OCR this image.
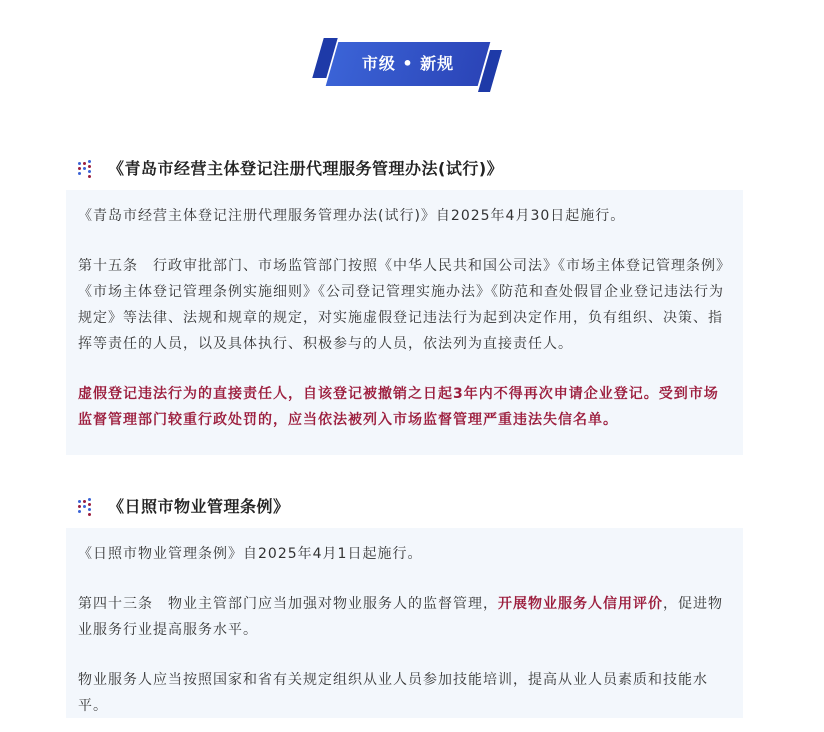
市级 • 新规
《青岛市经营主体登记注册代理服务管理办法(试行)》

《青岛市经营主体登记注册代理服务管理办法(试行)》自2025年4月30日起施行。

第十五条　行政审批部门、市场监管部门按照《中华人民共和国公司法》《市场主体登记管理条例》《市场主体登记管理条例实施细则》《公司登记管理实施办法》《防范和查处假冒企业登记违法行为规定》等法律、法规和规章的规定，对实施虚假登记违法行为起到决定作用，负有组织、决策、指挥等责任的人员，以及具体执行、积极参与的人员，依法列为直接责任人。

虚假登记违法行为的直接责任人，自该登记被撤销之日起3年内不得再次申请企业登记。受到市场监督管理部门较重行政处罚的，应当依法被列入市场监督管理严重违法失信名单。

《日照市物业管理条例》

《日照市物业管理条例》自2025年4月1日起施行。

第四十三条　物业主管部门应当加强对物业服务人的监督管理，开展物业服务人信用评价，促进物业服务行业提高服务水平。

物业服务人应当按照国家和省有关规定组织从业人员参加技能培训，提高从业人员素质和技能水平。
